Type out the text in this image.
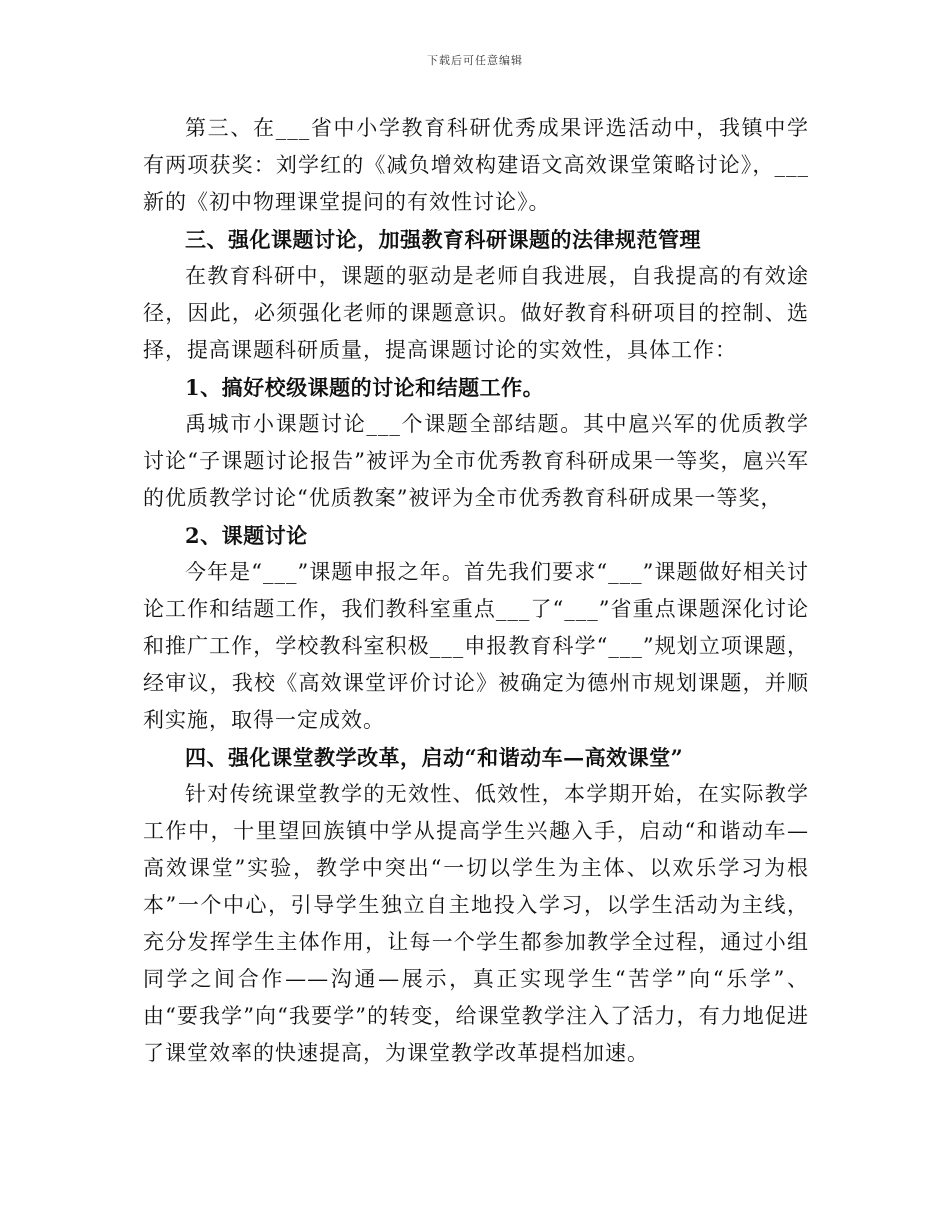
下载后可任意编辑

第三、在___省中小学教育科研优秀成果评选活动中，我镇中学有两项获奖：刘学红的《减负增效构建语文高效课堂策略讨论》，___新的《初中物理课堂提问的有效性讨论》。

三、强化课题讨论，加强教育科研课题的法律规范管理

在教育科研中，课题的驱动是老师自我进展，自我提高的有效途径，因此，必须强化老师的课题意识。做好教育科研项目的控制、选择，提高课题科研质量，提高课题讨论的实效性，具体工作：

1、搞好校级课题的讨论和结题工作。

禹城市小课题讨论___个课题全部结题。其中扈兴军的优质教学讨论“子课题讨论报告”被评为全市优秀教育科研成果一等奖，扈兴军的优质教学讨论“优质教案”被评为全市优秀教育科研成果一等奖，

2、课题讨论

今年是“___”课题申报之年。首先我们要求“___”课题做好相关讨论工作和结题工作，我们教科室重点___了“___”省重点课题深化讨论和推广工作，学校教科室积极___申报教育科学“___”规划立项课题，经审议，我校《高效课堂评价讨论》被确定为德州市规划课题，并顺利实施，取得一定成效。

四、强化课堂教学改革，启动“和谐动车—高效课堂”

针对传统课堂教学的无效性、低效性，本学期开始，在实际教学工作中，十里望回族镇中学从提高学生兴趣入手，启动“和谐动车—高效课堂”实验，教学中突出“一切以学生为主体、以欢乐学习为根本”一个中心，引导学生独立自主地投入学习，以学生活动为主线，充分发挥学生主体作用，让每一个学生都参加教学全过程，通过小组同学之间合作——沟通—展示，真正实现学生“苦学”向“乐学”、由“要我学”向“我要学”的转变，给课堂教学注入了活力，有力地促进了课堂效率的快速提高，为课堂教学改革提档加速。
